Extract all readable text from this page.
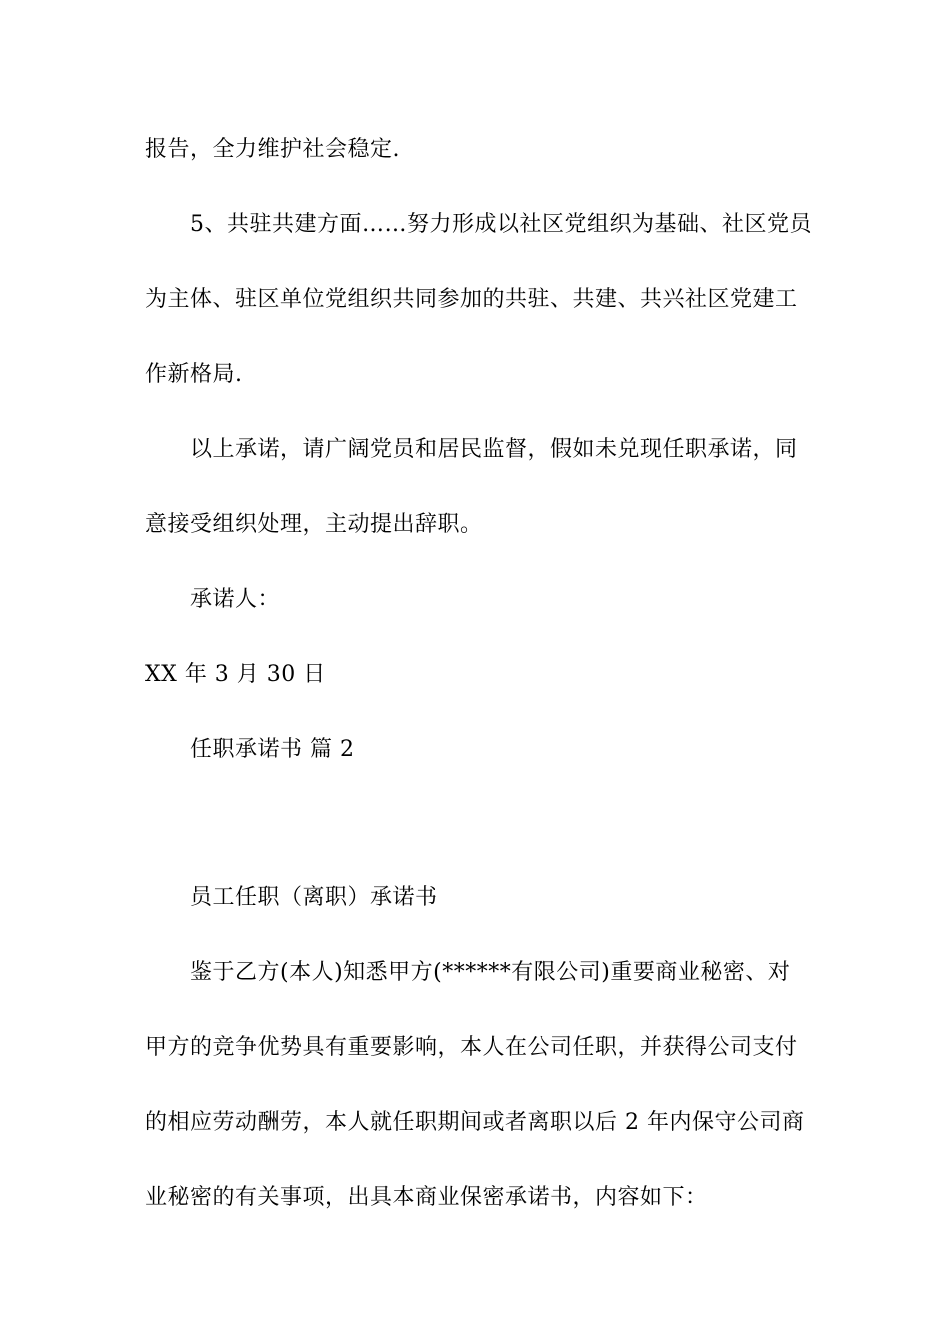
报告，全力维护社会稳定.
5、共驻共建方面……努力形成以社区党组织为基础、社区党员
为主体、驻区单位党组织共同参加的共驻、共建、共兴社区党建工
作新格局.
以上承诺，请广阔党员和居民监督，假如未兑现任职承诺，同
意接受组织处理，主动提出辞职。
承诺人：
XX 年 3 月 30 日
任职承诺书 篇 2
员工任职（离职）承诺书
鉴于乙方(本人)知悉甲方(******有限公司)重要商业秘密、对
甲方的竞争优势具有重要影响，本人在公司任职，并获得公司支付
的相应劳动酬劳，本人就任职期间或者离职以后 2 年内保守公司商
业秘密的有关事项，出具本商业保密承诺书，内容如下：
